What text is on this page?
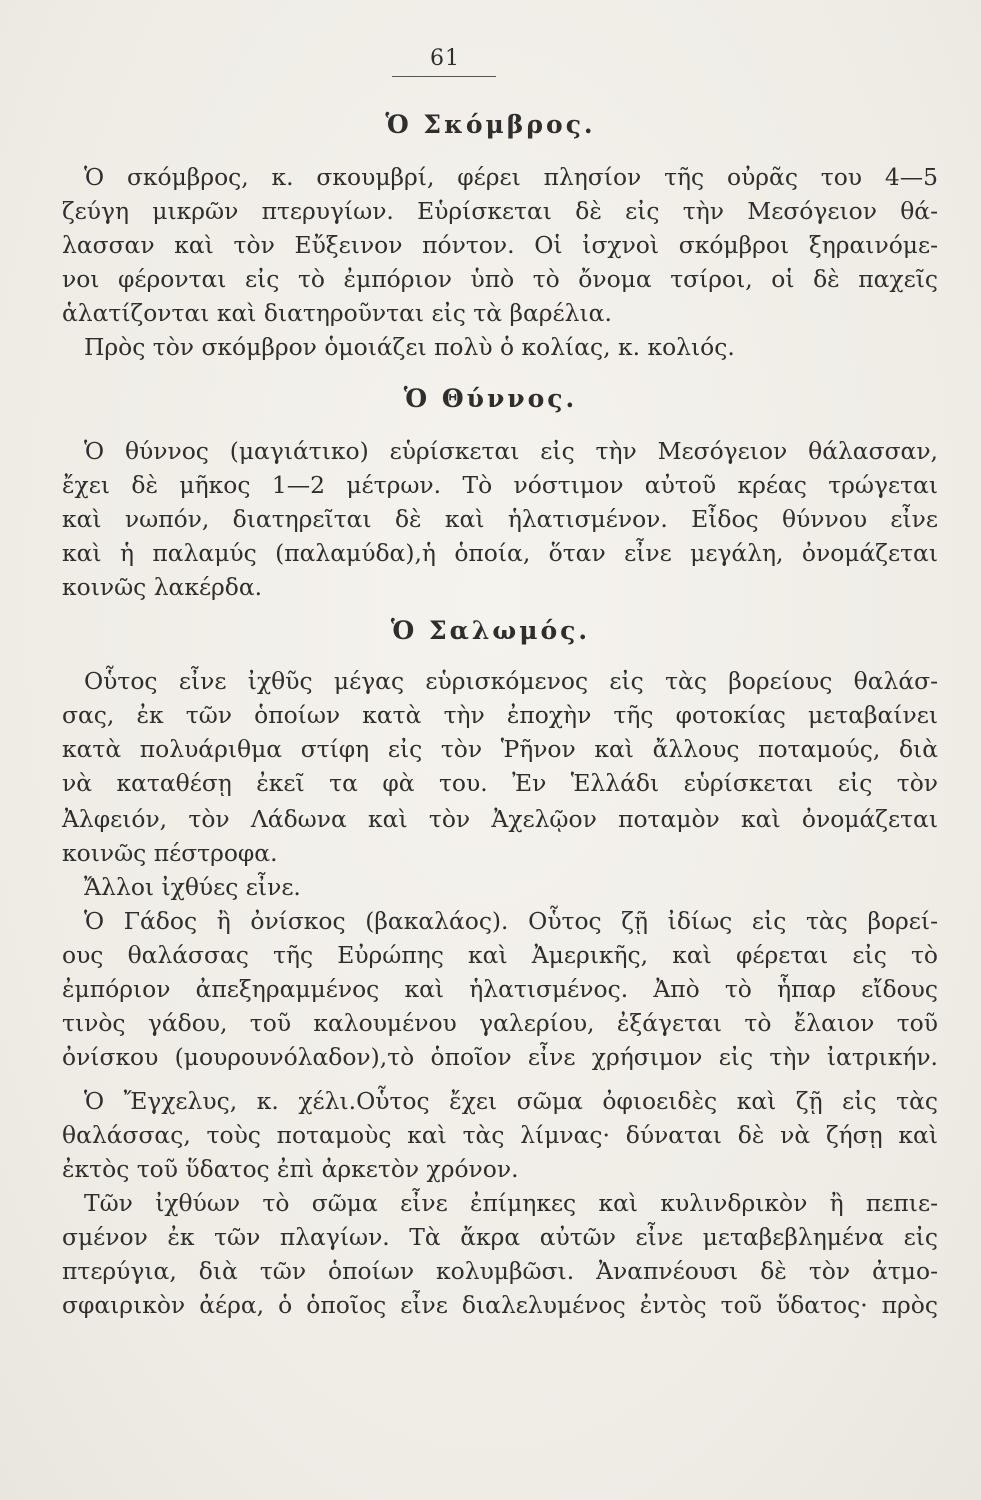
61
Ὁ Σκόμβρος.
Ὁ σκόμβρος, κ. σκουμβρί, φέρει πλησίον τῆς οὐρᾶς του 4—5
ζεύγη μικρῶν πτερυγίων. Εὑρίσκεται δὲ εἰς τὴν Μεσόγειον θά-
λασσαν καὶ τὸν Εὔξεινον πόντον. Οἱ ἰσχνοὶ σκόμβροι ξηραινόμε-
νοι φέρονται εἰς τὸ ἐμπόριον ὑπὸ τὸ ὄνομα τσίροι, οἱ δὲ παχεῖς
ἁλατίζονται καὶ διατηροῦνται εἰς τὰ βαρέλια.
Πρὸς τὸν σκόμβρον ὁμοιάζει πολὺ ὁ κολίας, κ. κολιός.
Ὁ Θύννος.
Ὁ θύννος (μαγιάτικο) εὑρίσκεται εἰς τὴν Μεσόγειον θάλασσαν,
ἔχει δὲ μῆκος 1—2 μέτρων. Τὸ νόστιμον αὐτοῦ κρέας τρώγεται
καὶ νωπόν, διατηρεῖται δὲ καὶ ἡλατισμένον. Εἶδος θύννου εἶνε
καὶ ἡ παλαμύς (παλαμύδα),ἡ ὁποία, ὅταν εἶνε μεγάλη, ὀνομάζεται
κοινῶς λακέρδα.
Ὁ Σαλωμός.
Οὗτος εἶνε ἰχθῦς μέγας εὑρισκόμενος εἰς τὰς βορείους θαλάσ-
σας, ἐκ τῶν ὁποίων κατὰ τὴν ἐποχὴν τῆς φοτοκίας μεταβαίνει
κατὰ πολυάριθμα στίφη εἰς τὸν Ῥῆνον καὶ ἄλλους ποταμούς, διὰ
νὰ καταθέσῃ ἐκεῖ τα φὰ του. Ἐν Ἑλλάδι εὑρίσκεται εἰς τὸν
Ἀλφειόν, τὸν Λάδωνα καὶ τὸν Ἀχελῷον ποταμὸν καὶ ὀνομάζεται
κοινῶς πέστροφα.
Ἄλλοι ἰχθύες εἶνε.
Ὁ Γάδος ἢ ὀνίσκος (βακαλάος). Οὗτος ζῇ ἰδίως εἰς τὰς βορεί-
ους θαλάσσας τῆς Εὐρώπης καὶ Ἀμερικῆς, καὶ φέρεται εἰς τὸ
ἐμπόριον ἀπεξηραμμένος καὶ ἡλατισμένος. Ἀπὸ τὸ ἧπαρ εἴδους
τινὸς γάδου, τοῦ καλουμένου γαλερίου, ἐξάγεται τὸ ἔλαιον τοῦ
ὀνίσκου (μουρουνόλαδον),τὸ ὁποῖον εἶνε χρήσιμον εἰς τὴν ἰατρικήν.
Ὁ Ἔγχελυς, κ. χέλι.Οὗτος ἔχει σῶμα ὀφιοειδὲς καὶ ζῇ εἰς τὰς
θαλάσσας, τοὺς ποταμοὺς καὶ τὰς λίμνας· δύναται δὲ νὰ ζήσῃ καὶ
ἐκτὸς τοῦ ὕδατος ἐπὶ ἀρκετὸν χρόνον.
Τῶν ἰχθύων τὸ σῶμα εἶνε ἐπίμηκες καὶ κυλινδρικὸν ἢ πεπιε-
σμένον ἐκ τῶν πλαγίων. Τὰ ἄκρα αὐτῶν εἶνε μεταβεβλημένα εἰς
πτερύγια, διὰ τῶν ὁποίων κολυμβῶσι. Ἀναπνέουσι δὲ τὸν ἀτμο-
σφαιρικὸν ἀέρα, ὁ ὁποῖος εἶνε διαλελυμένος ἐντὸς τοῦ ὕδατος· πρὸς
